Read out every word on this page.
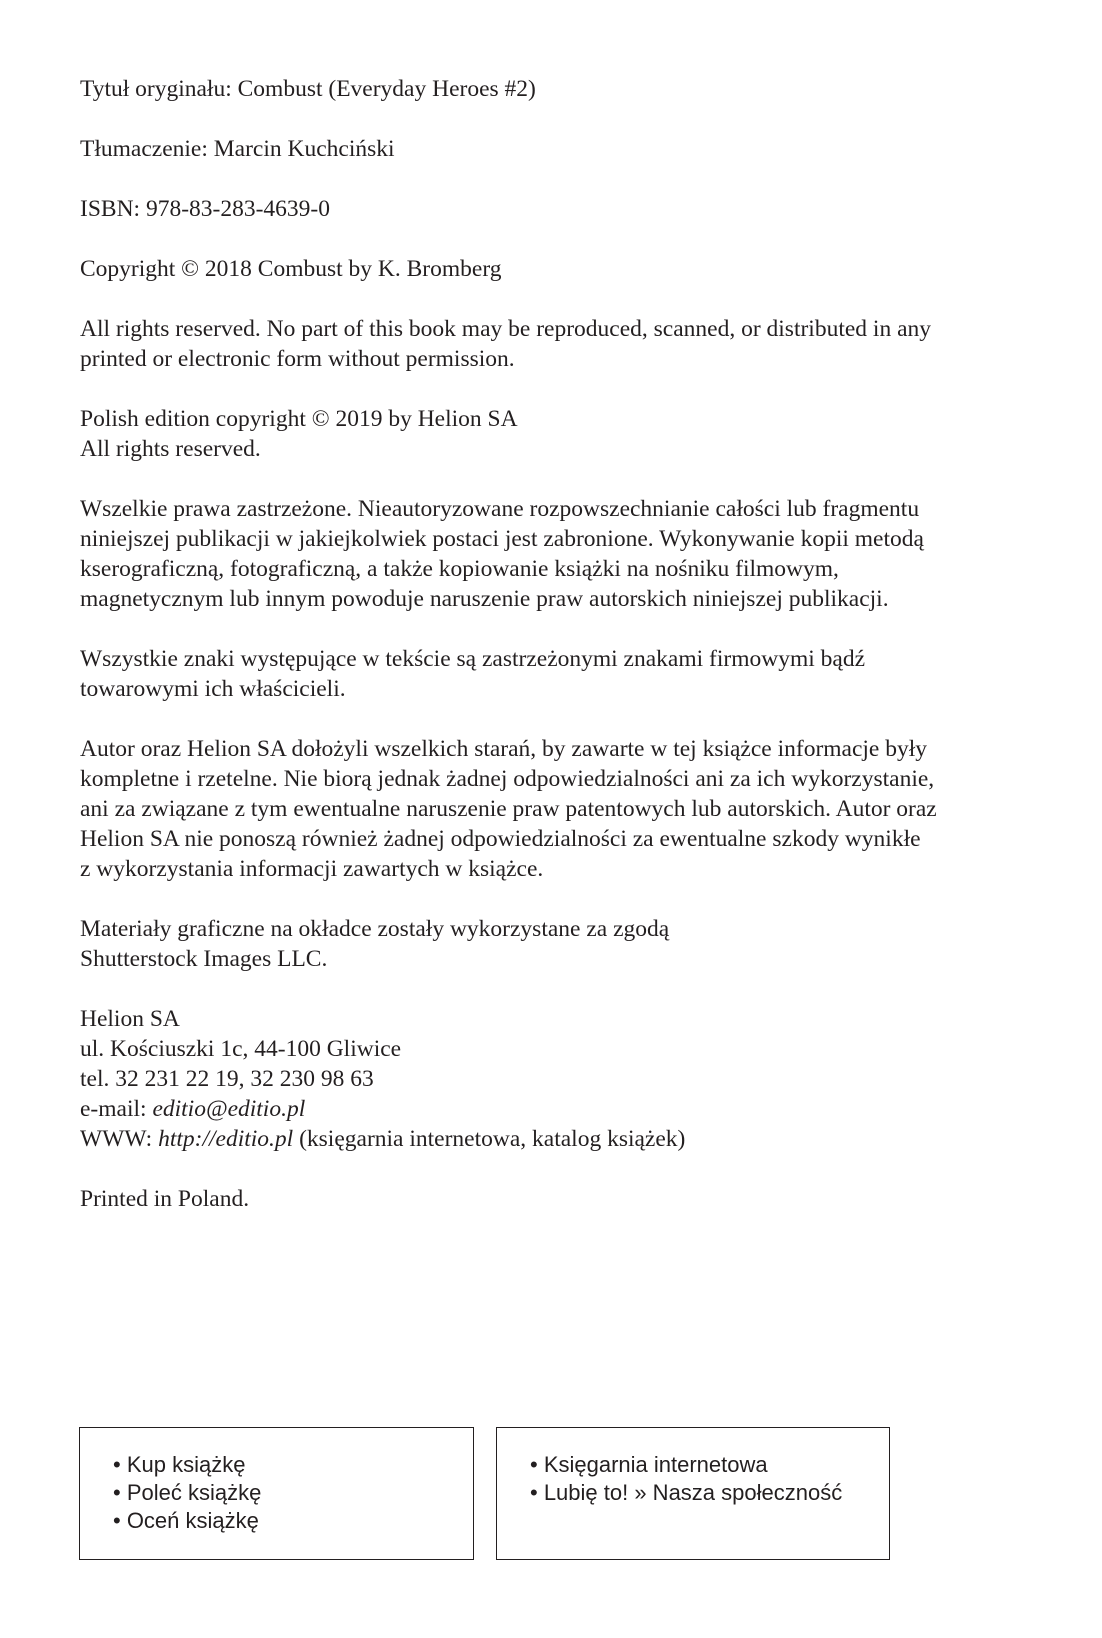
Tytuł oryginału: Combust (Everyday Heroes #2)

Tłumaczenie: Marcin Kuchciński

ISBN: 978-83-283-4639-0

Copyright © 2018 Combust by K. Bromberg

All rights reserved. No part of this book may be reproduced, scanned, or distributed in any
printed or electronic form without permission.

Polish edition copyright © 2019 by Helion SA
All rights reserved.

Wszelkie prawa zastrzeżone. Nieautoryzowane rozpowszechnianie całości lub fragmentu
niniejszej publikacji w jakiejkolwiek postaci jest zabronione. Wykonywanie kopii metodą
kserograficzną, fotograficzną, a także kopiowanie książki na nośniku filmowym,
magnetycznym lub innym powoduje naruszenie praw autorskich niniejszej publikacji.

Wszystkie znaki występujące w tekście są zastrzeżonymi znakami firmowymi bądź
towarowymi ich właścicieli.

Autor oraz Helion SA dołożyli wszelkich starań, by zawarte w tej książce informacje były
kompletne i rzetelne. Nie biorą jednak żadnej odpowiedzialności ani za ich wykorzystanie,
ani za związane z tym ewentualne naruszenie praw patentowych lub autorskich. Autor oraz
Helion SA nie ponoszą również żadnej odpowiedzialności za ewentualne szkody wynikłe
z wykorzystania informacji zawartych w książce.

Materiały graficzne na okładce zostały wykorzystane za zgodą
Shutterstock Images LLC.

Helion SA
ul. Kościuszki 1c, 44-100 Gliwice
tel. 32 231 22 19, 32 230 98 63
e-mail: editio@editio.pl
WWW: http://editio.pl (księgarnia internetowa, katalog książek)

Printed in Poland.

• Kup książkę
• Poleć książkę
• Oceń książkę
• Księgarnia internetowa
• Lubię to! » Nasza społeczność
